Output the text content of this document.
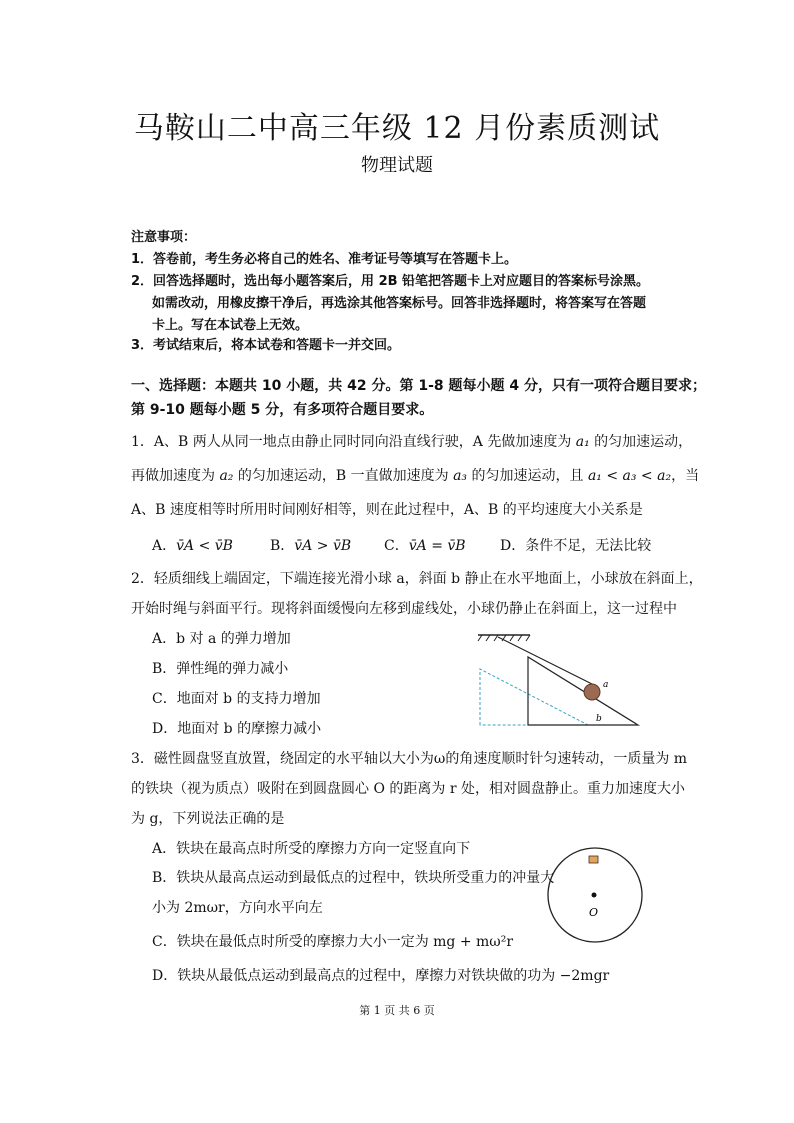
马鞍山二中高三年级 12 月份素质测试
物理试题
注意事项：
1．答卷前，考生务必将自己的姓名、准考证号等填写在答题卡上。
2．回答选择题时，选出每小题答案后，用 2B 铅笔把答题卡上对应题目的答案标号涂黑。
如需改动，用橡皮擦干净后，再选涂其他答案标号。回答非选择题时，将答案写在答题
卡上。写在本试卷上无效。
3．考试结束后，将本试卷和答题卡一并交回。
一、选择题：本题共 10 小题，共 42 分。第 1-8 题每小题 4 分，只有一项符合题目要求；
第 9-10 题每小题 5 分，有多项符合题目要求。
1．A、B 两人从同一地点由静止同时同向沿直线行驶，A 先做加速度为 a₁ 的匀加速运动，
再做加速度为 a₂ 的匀加速运动，B 一直做加速度为 a₃ 的匀加速运动，且 a₁ < a₃ < a₂，当
A、B 速度相等时所用时间刚好相等，则在此过程中，A、B 的平均速度大小关系是
A．v̄A < v̄B	B．v̄A > v̄B C．v̄A = v̄B D．条件不足，无法比较
2．轻质细线上端固定，下端连接光滑小球 a，斜面 b 静止在水平地面上，小球放在斜面上，
开始时绳与斜面平行。现将斜面缓慢向左移到虚线处，小球仍静止在斜面上，这一过程中
A．b 对 a 的弹力增加
B．弹性绳的弹力减小
C．地面对 b 的支持力增加
D．地面对 b 的摩擦力减小
a
b
3．磁性圆盘竖直放置，绕固定的水平轴以大小为ω的角速度顺时针匀速转动，一质量为 m
的铁块（视为质点）吸附在到圆盘圆心 O 的距离为 r 处，相对圆盘静止。重力加速度大小
为 g，下列说法正确的是
A．铁块在最高点时所受的摩擦力方向一定竖直向下
B．铁块从最高点运动到最低点的过程中，铁块所受重力的冲量大
小为 2mωr，方向水平向左
C．铁块在最低点时所受的摩擦力大小一定为 mg + mω²r
D．铁块从最低点运动到最高点的过程中，摩擦力对铁块做的功为 −2mgr
O
第 1 页 共 6 页
